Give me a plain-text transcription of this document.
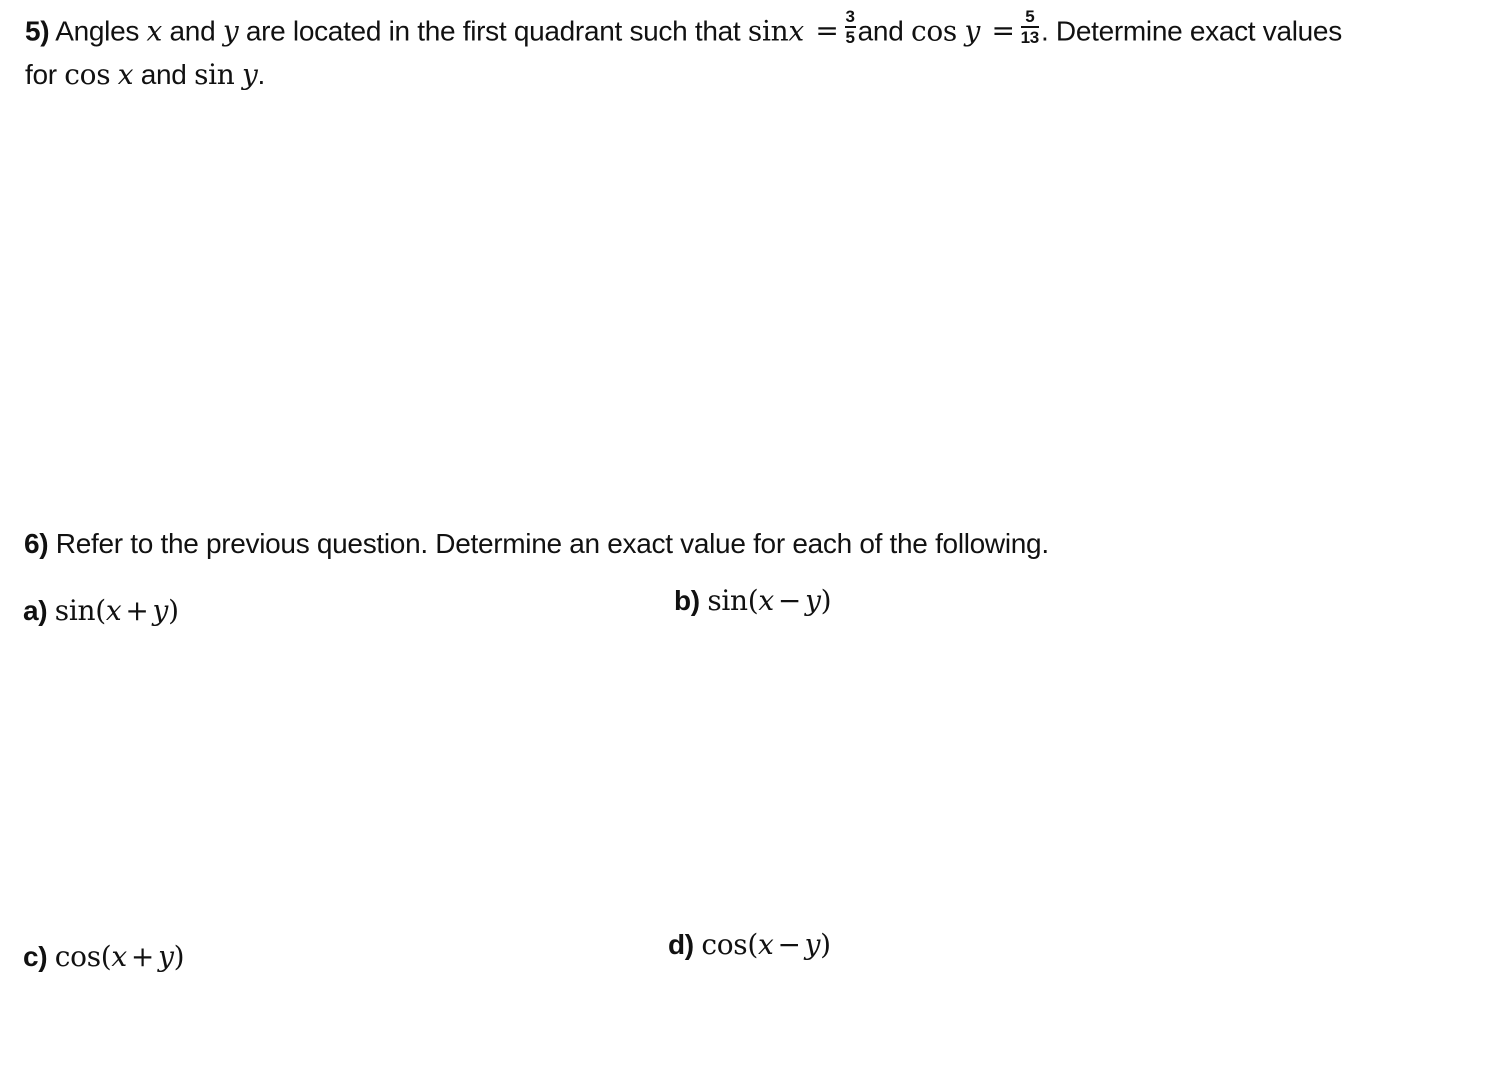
5) Angles x and y are located in the first quadrant such that $\sin x = \frac{3}{5}$ and $\cos y = \frac{5}{13}$ . Determine exact values
for cos x and sin y.
6) Refer to the previous question. Determine an exact value for each of the following.
a) sin(x + y)	b) sin(x − y)
c) cos(x + y)	d) cos(x − y)
